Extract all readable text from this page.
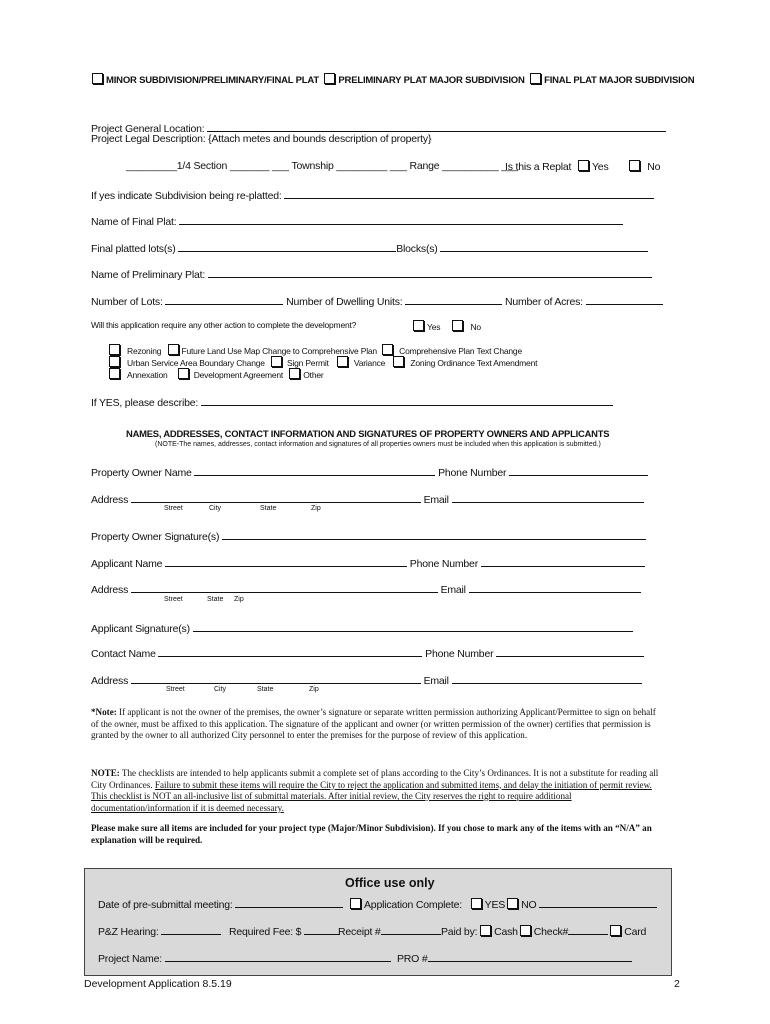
MINOR SUBDIVISION/PRELIMINARY/FINAL PLAT PRELIMINARY PLAT MAJOR SUBDIVISION FINAL PLAT MAJOR SUBDIVISION
Project General Location:
Project Legal Description: {Attach metes and bounds description of property}
_________1/4 Section _______ ___ Township _________ ___ Range __________ ___
Is this a Replat Yes	No
If yes indicate Subdivision being re-platted:
Name of Final Plat:
Final platted lots(s)	Blocks(s)
Name of Preliminary Plat:
Number of Lots:	Number of Dwelling Units:	Number of Acres:
Will this application require any other action to complete the development?	Yes	No
Rezoning Future Land Use Map Change to Comprehensive Plan	Comprehensive Plan Text Change
Urban Service Area Boundary Change	Sign Permit	Variance	Zoning Ordinance Text Amendment
Annexation	Development Agreement Other
If YES, please describe:
NAMES, ADDRESSES, CONTACT INFORMATION AND SIGNATURES OF PROPERTY OWNERS AND APPLICANTS
(NOTE-The names, addresses, contact information and signatures of all properties owners must be included when this application is submitted.)
Property Owner Name	Phone Number
Address	Email
Street	City	State	Zip
Property Owner Signature(s)
Applicant Name	Phone Number
Address	Email
Street	State Zip
Applicant Signature(s)
Contact Name	Phone Number
Address	Email
Street	City	State	Zip
*Note: If applicant is not the owner of the premises, the owner’s signature or separate written permission authorizing Applicant/Permittee to sign on behalf of the owner, must be affixed to this application. The signature of the applicant and owner (or written permission of the owner) certifies that permission is granted by the owner to all authorized City personnel to enter the premises for the purpose of review of this application.
NOTE: The checklists are intended to help applicants submit a complete set of plans according to the City’s Ordinances. It is not a substitute for reading all City Ordinances. Failure to submit these items will require the City to reject the application and submitted items, and delay the initiation of permit review. This checklist is NOT an all-inclusive list of submittal materials. After initial review, the City reserves the right to require additional documentation/information if it is deemed necessary.
Please make sure all items are included for your project type (Major/Minor Subdivision). If you chose to mark any of the items with an “N/A” an explanation will be required.
Office use only
Date of pre-submittal meeting:	Application Complete: YES NO
P&Z Hearing:	Required Fee: $	Receipt #	Paid by: Cash Check#	Card
Project Name:	PRO #
Development Application 8.5.19	2
